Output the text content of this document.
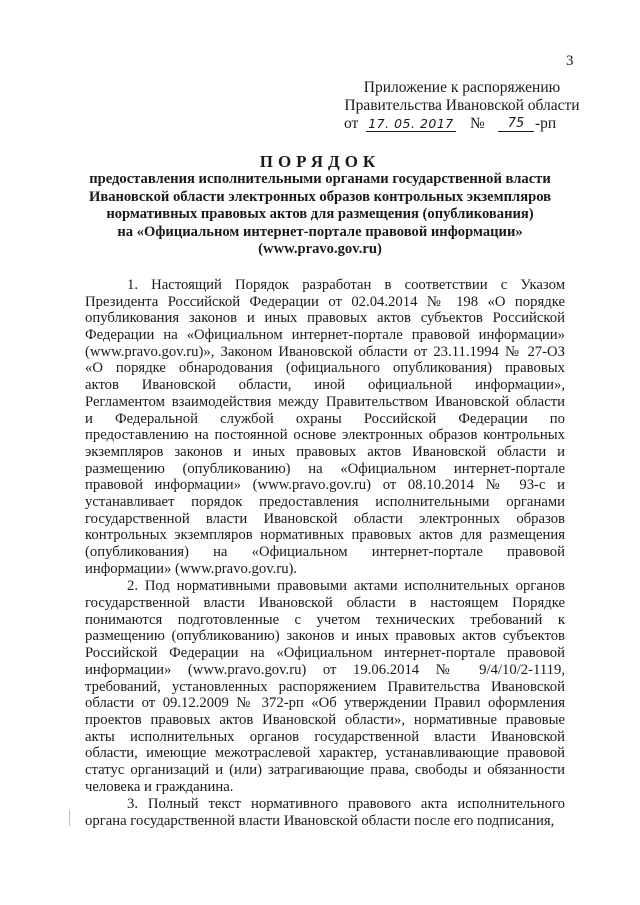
3
Приложение к распоряжению
Правительства Ивановской области
от 17. 05. 2017 №	75 -рп
ПОРЯДОК
предоставления исполнительными органами государственной власти
Ивановской области электронных образов контрольных экземпляров
нормативных правовых актов для размещения (опубликования)
на «Официальном интернет-портале правовой информации»
(www.pravo.gov.ru)
1. Настоящий Порядок разработан в соответствии с Указом
Президента Российской Федерации от 02.04.2014 № 198 «О порядке
опубликования законов и иных правовых актов субъектов Российской
Федерации на «Официальном интернет-портале правовой информации»
(www.pravo.gov.ru)», Законом Ивановской области от 23.11.1994 № 27-ОЗ
«О порядке обнародования (официального опубликования) правовых
актов Ивановской области, иной официальной информации»,
Регламентом взаимодействия между Правительством Ивановской области
и Федеральной службой охраны Российской Федерации по
предоставлению на постоянной основе электронных образов контрольных
экземпляров законов и иных правовых актов Ивановской области и
размещению (опубликованию) на «Официальном интернет-портале
правовой информации» (www.pravo.gov.ru) от 08.10.2014 № 93-с и
устанавливает порядок предоставления исполнительными органами
государственной власти Ивановской области электронных образов
контрольных экземпляров нормативных правовых актов для размещения
(опубликования) на «Официальном интернет-портале правовой
информации» (www.pravo.gov.ru).
2. Под нормативными правовыми актами исполнительных органов
государственной власти Ивановской области в настоящем Порядке
понимаются подготовленные с учетом технических требований к
размещению (опубликованию) законов и иных правовых актов субъектов
Российской Федерации на «Официальном интернет-портале правовой
информации» (www.pravo.gov.ru) от 19.06.2014 № 9/4/10/2-1119,
требований, установленных распоряжением Правительства Ивановской
области от 09.12.2009 № 372-рп «Об утверждении Правил оформления
проектов правовых актов Ивановской области», нормативные правовые
акты исполнительных органов государственной власти Ивановской
области, имеющие межотраслевой характер, устанавливающие правовой
статус организаций и (или) затрагивающие права, свободы и обязанности
человека и гражданина.
3. Полный текст нормативного правового акта исполнительного
органа государственной власти Ивановской области после его подписания,
